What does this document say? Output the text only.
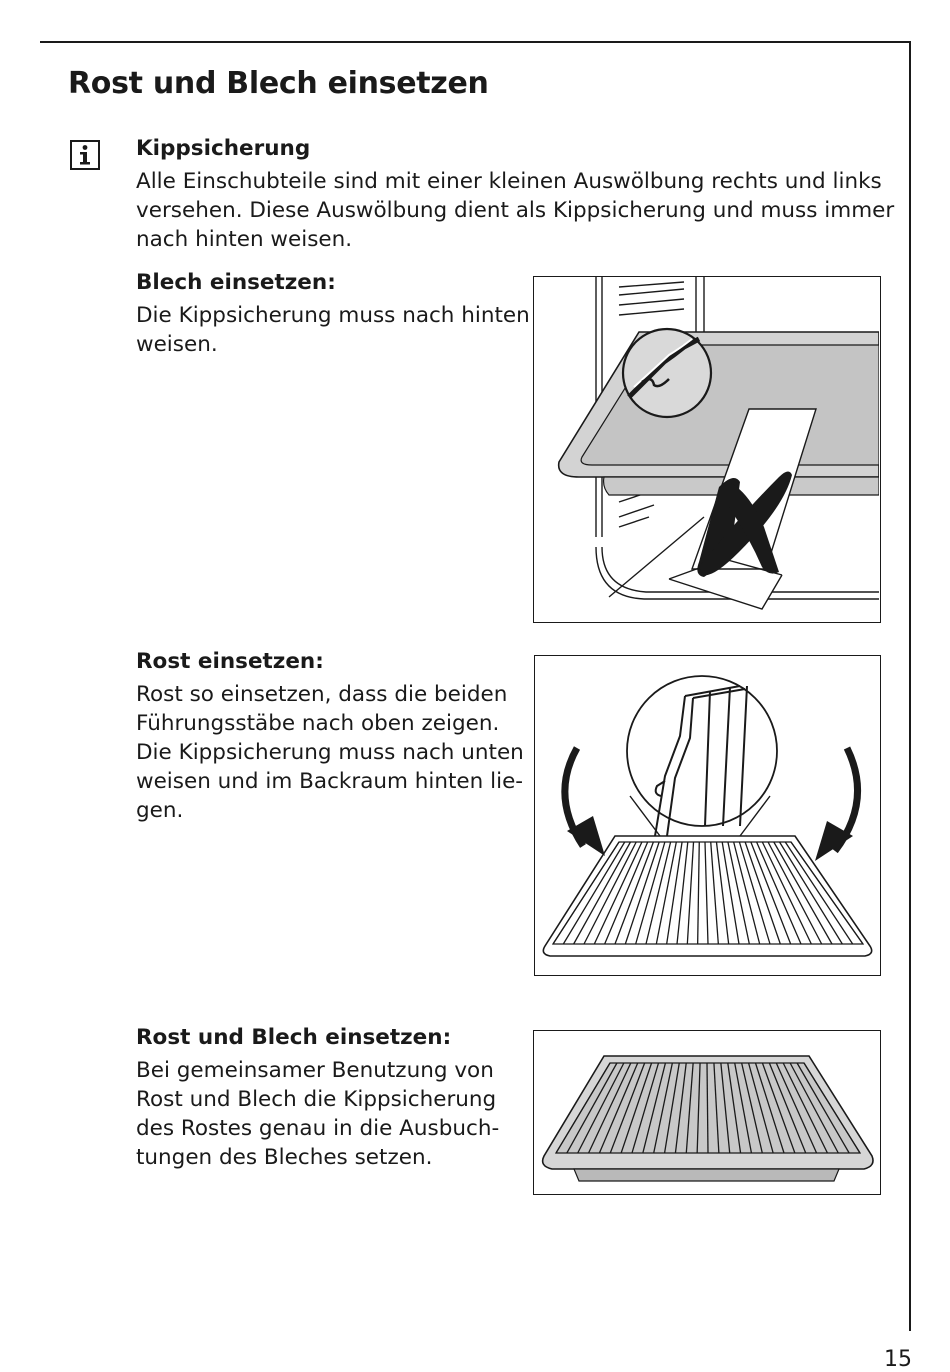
Rost und Blech einsetzen
Kippsicherung
Alle Einschubteile sind mit einer kleinen Auswölbung rechts und links
versehen. Diese Auswölbung dient als Kippsicherung und muss immer
nach hinten weisen.
Blech einsetzen:
Die Kippsicherung muss nach hinten
weisen.
Rost einsetzen:
Rost so einsetzen, dass die beiden
Führungsstäbe nach oben zeigen.
Die Kippsicherung muss nach unten
weisen und im Backraum hinten lie-
gen.
Rost und Blech einsetzen:
Bei gemeinsamer Benutzung von
Rost und Blech die Kippsicherung
des Rostes genau in die Ausbuch-
tungen des Bleches setzen.
15
